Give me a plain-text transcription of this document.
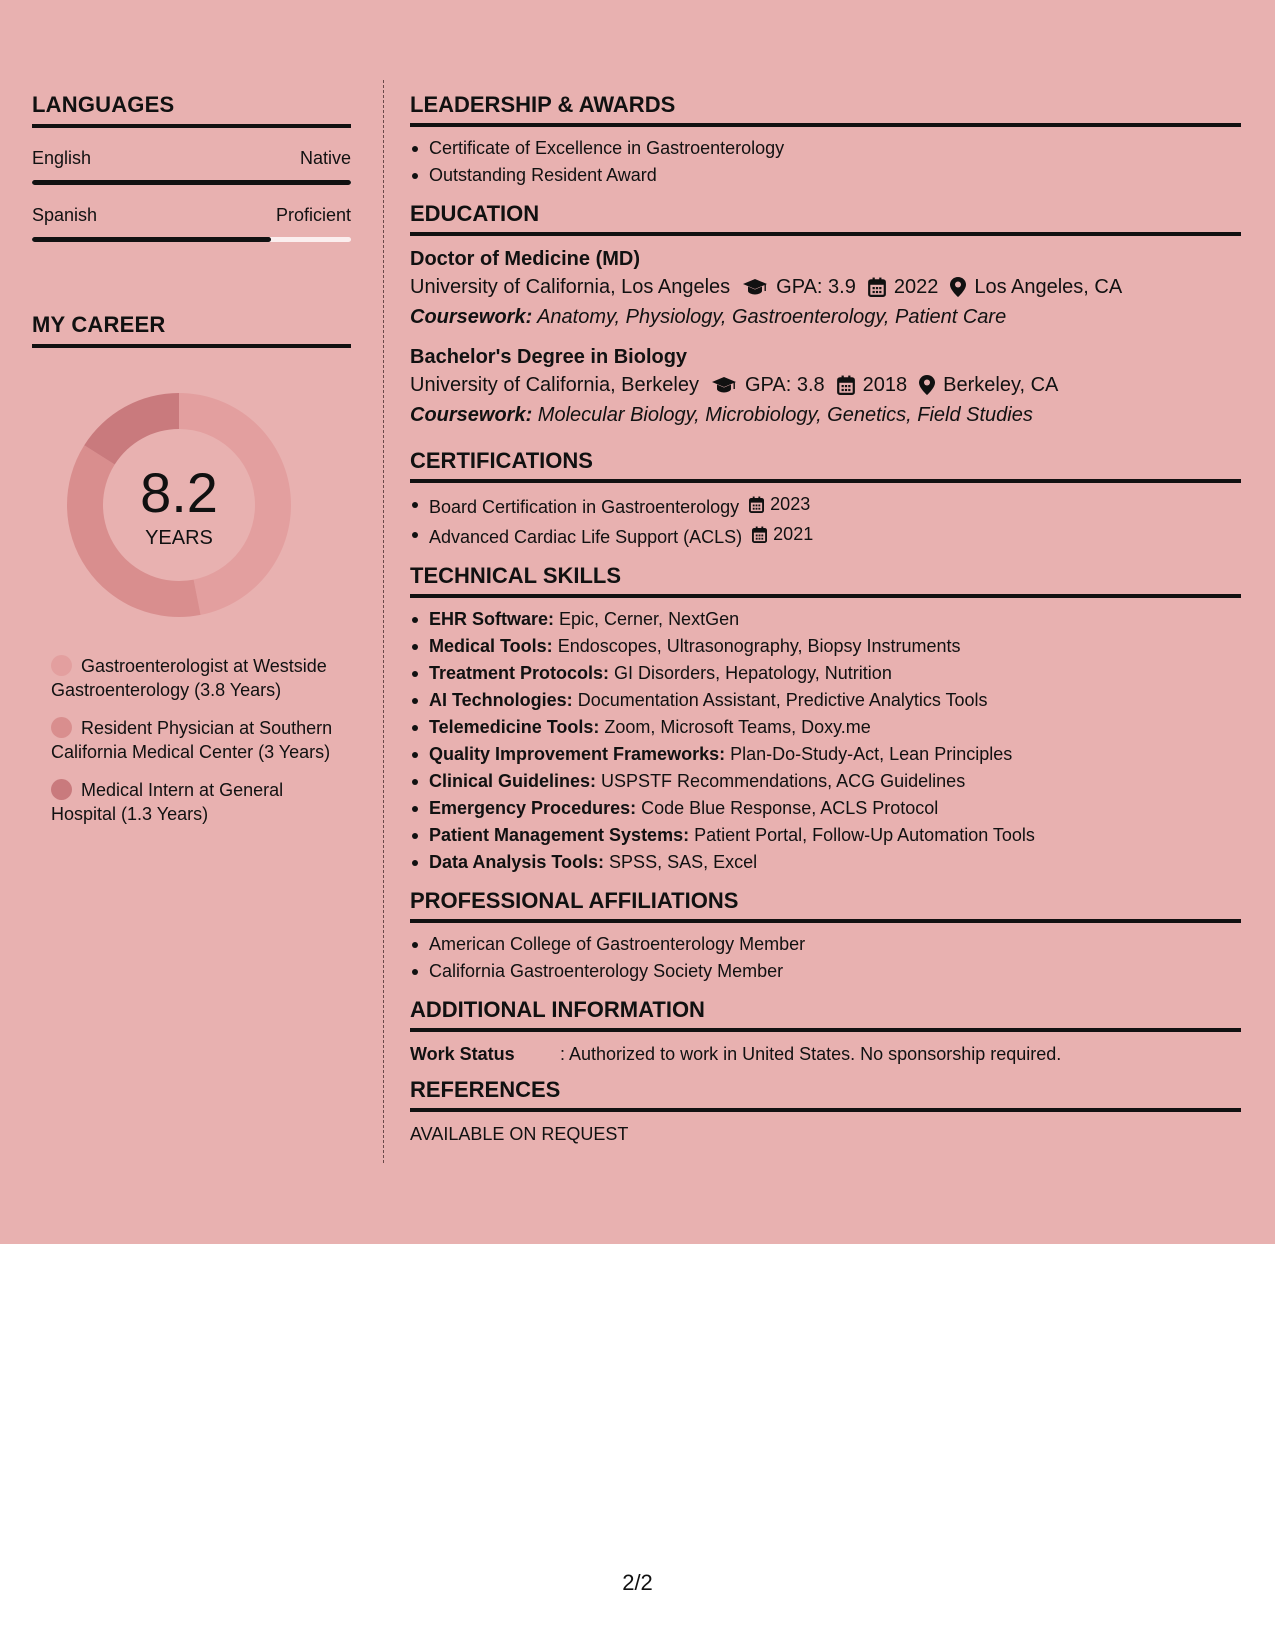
LANGUAGES
English	Native
Spanish	Proficient
MY CAREER
8.2
YEARS
Gastroenterologist at Westside Gastroenterology (3.8 Years)
Resident Physician at Southern California Medical Center (3 Years)
Medical Intern at General Hospital (1.3 Years)
LEADERSHIP & AWARDS
Certificate of Excellence in Gastroenterology
Outstanding Resident Award
EDUCATION
Doctor of Medicine (MD)
University of California, Los Angeles GPA: 3.9 2022 Los Angeles, CA
Coursework: Anatomy, Physiology, Gastroenterology, Patient Care
Bachelor's Degree in Biology
University of California, Berkeley GPA: 3.8 2018 Berkeley, CA
Coursework: Molecular Biology, Microbiology, Genetics, Field Studies
CERTIFICATIONS
Board Certification in Gastroenterology 2023
Advanced Cardiac Life Support (ACLS) 2021
TECHNICAL SKILLS
EHR Software: Epic, Cerner, NextGen
Medical Tools: Endoscopes, Ultrasonography, Biopsy Instruments
Treatment Protocols: GI Disorders, Hepatology, Nutrition
AI Technologies: Documentation Assistant, Predictive Analytics Tools
Telemedicine Tools: Zoom, Microsoft Teams, Doxy.me
Quality Improvement Frameworks: Plan-Do-Study-Act, Lean Principles
Clinical Guidelines: USPSTF Recommendations, ACG Guidelines
Emergency Procedures: Code Blue Response, ACLS Protocol
Patient Management Systems: Patient Portal, Follow-Up Automation Tools
Data Analysis Tools: SPSS, SAS, Excel
PROFESSIONAL AFFILIATIONS
American College of Gastroenterology Member
California Gastroenterology Society Member
ADDITIONAL INFORMATION
Work Status	: Authorized to work in United States. No sponsorship required.
REFERENCES
AVAILABLE ON REQUEST
2/2
